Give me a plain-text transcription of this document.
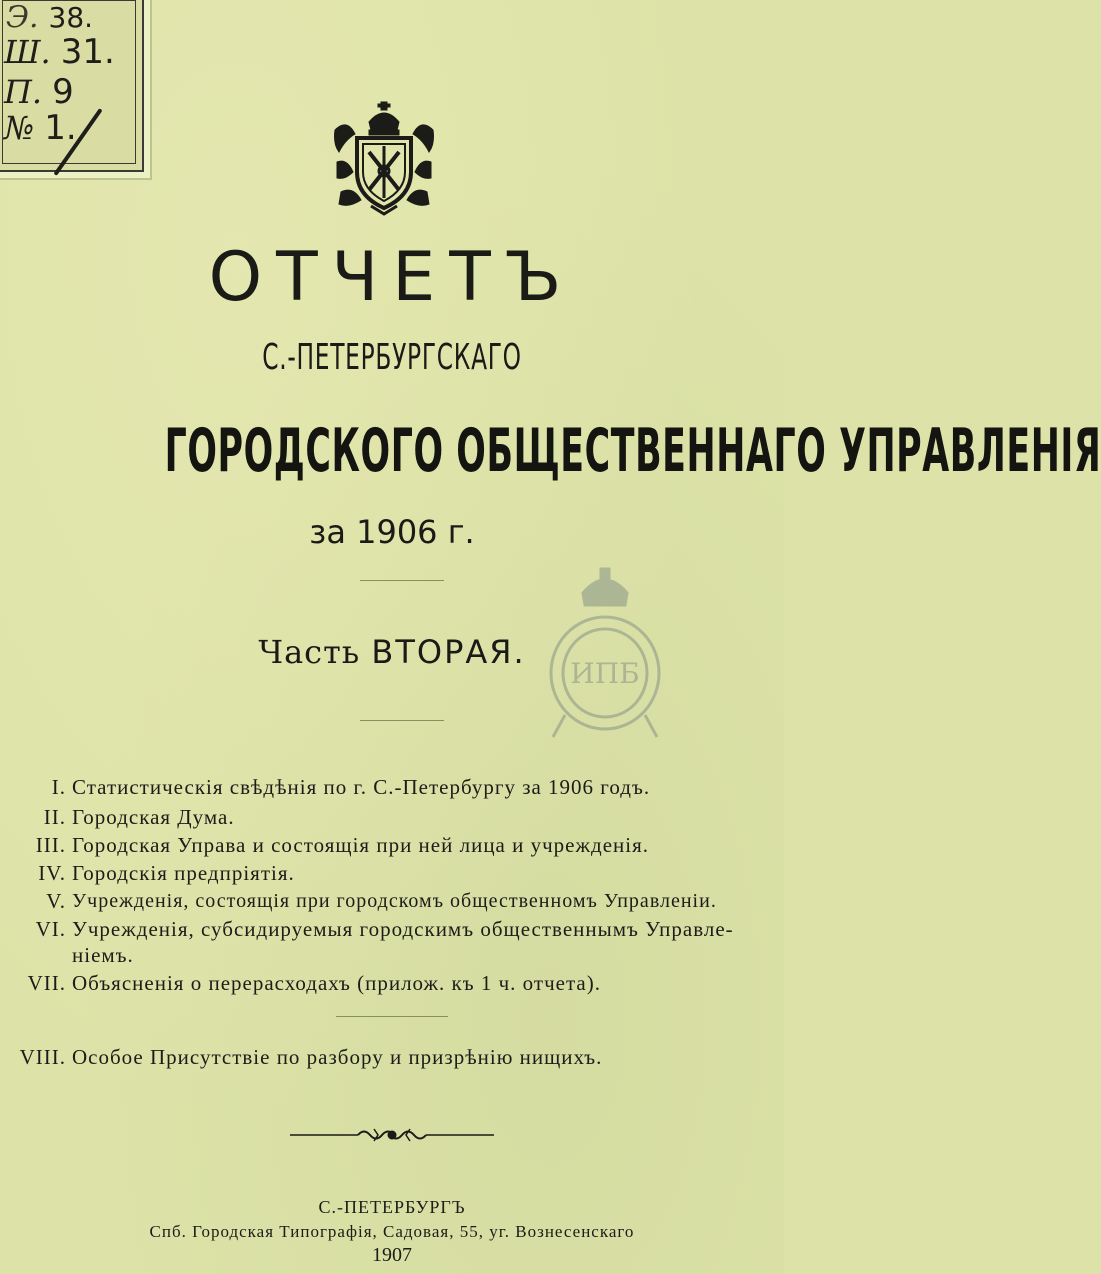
Э. 38.
Ш. 31.
П. 9
№ 1.
ОТЧЕТЪ
С.-ПЕТЕРБУРГСКАГО
ГОРОДСКОГО ОБЩЕСТВЕННАГО УПРАВЛЕНІЯ
за 1906 г.
Часть ВТОРАЯ.
ИПБ
I. Статистическія свѣдѣнія по г. С.-Петербургу за 1906 годъ.
II. Городская Дума.
III. Городская Управа и состоящія при ней лица и учрежденія.
IV. Городскія предпріятія.
V. Учрежденія, состоящія при городскомъ общественномъ Управленіи.
VI. Учрежденія, субсидируемыя городскимъ общественнымъ Управле-
ніемъ.
VII. Объясненія о перерасходахъ (прилож. къ 1 ч. отчета).
VIII. Особое Присутствіе по разбору и призрѣнію нищихъ.
С.-ПЕТЕРБУРГЪ
Спб. Городская Типографія, Садовая, 55, уг. Вознесенскаго
1907
